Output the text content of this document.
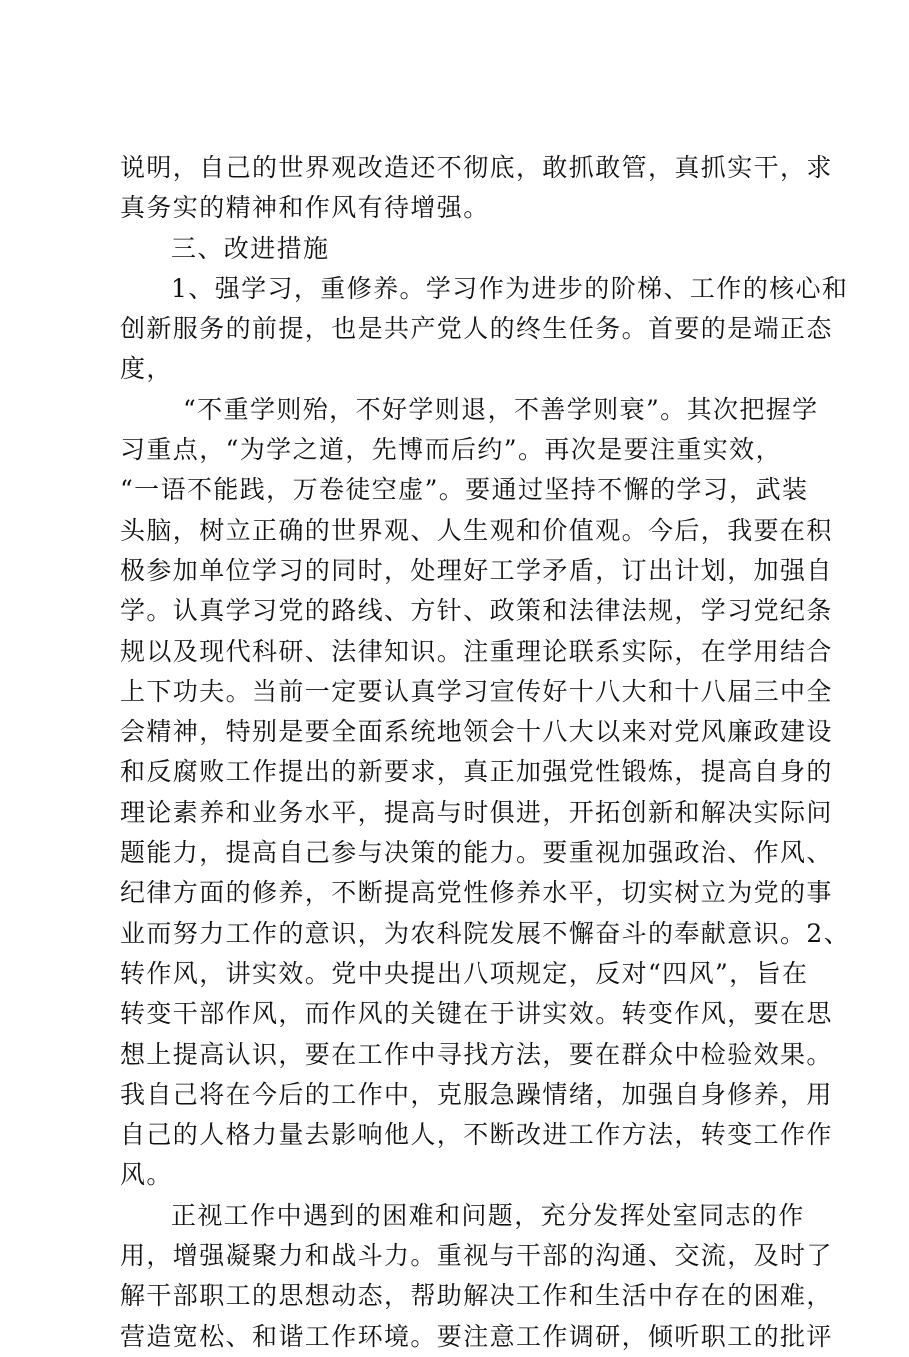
说明，自己的世界观改造还不彻底，敢抓敢管，真抓实干，求
真务实的精神和作风有待增强。
三、改进措施
1、强学习，重修养。学习作为进步的阶梯、工作的核心和
创新服务的前提，也是共产党人的终生任务。首要的是端正态
度，
“不重学则殆，不好学则退，不善学则衰”。其次把握学
习重点，“为学之道，先博而后约”。再次是要注重实效，
“一语不能践，万卷徒空虚”。要通过坚持不懈的学习，武装
头脑，树立正确的世界观、人生观和价值观。今后，我要在积
极参加单位学习的同时，处理好工学矛盾，订出计划，加强自
学。认真学习党的路线、方针、政策和法律法规，学习党纪条
规以及现代科研、法律知识。注重理论联系实际，在学用结合
上下功夫。当前一定要认真学习宣传好十八大和十八届三中全
会精神，特别是要全面系统地领会十八大以来对党风廉政建设
和反腐败工作提出的新要求，真正加强党性锻炼，提高自身的
理论素养和业务水平，提高与时俱进，开拓创新和解决实际问
题能力，提高自己参与决策的能力。要重视加强政治、作风、
纪律方面的修养，不断提高党性修养水平，切实树立为党的事
业而努力工作的意识，为农科院发展不懈奋斗的奉献意识。2、
转作风，讲实效。党中央提出八项规定，反对“四风”，旨在
转变干部作风，而作风的关键在于讲实效。转变作风，要在思
想上提高认识，要在工作中寻找方法，要在群众中检验效果。
我自己将在今后的工作中，克服急躁情绪，加强自身修养，用
自己的人格力量去影响他人，不断改进工作方法，转变工作作
风。
正视工作中遇到的困难和问题，充分发挥处室同志的作
用，增强凝聚力和战斗力。重视与干部的沟通、交流，及时了
解干部职工的思想动态，帮助解决工作和生活中存在的困难，
营造宽松、和谐工作环境。要注意工作调研，倾听职工的批评
